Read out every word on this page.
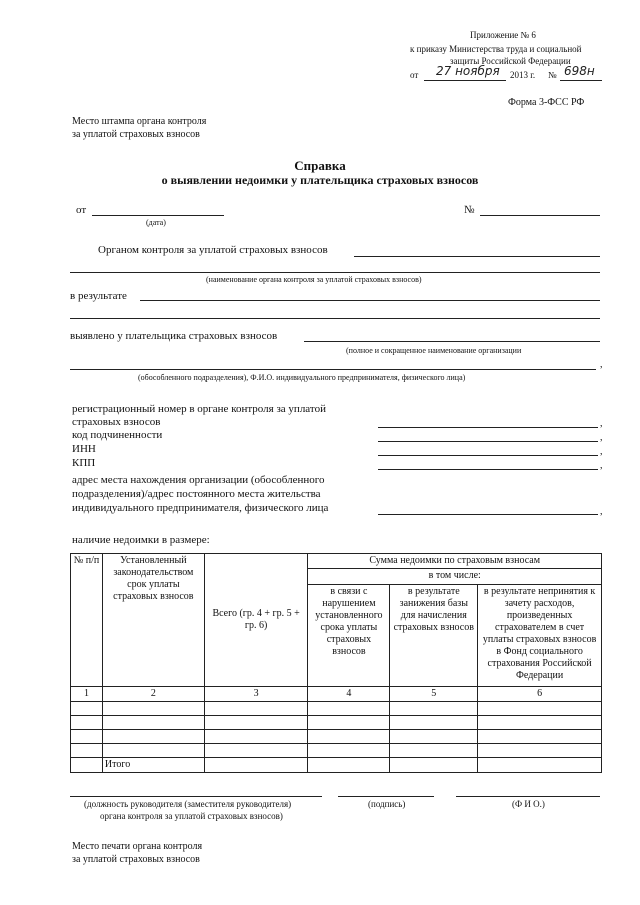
Приложение № 6
к приказу Министерства труда и социальной
защиты Российской Федерации
от 27 ноября 2013 г. № 698н
Форма 3-ФСС РФ
Место штампа органа контроля
за уплатой страховых взносов
Справка
о выявлении недоимки у плательщика страховых взносов
от
(дата)
№
Органом контроля за уплатой страховых взносов
(наименование органа контроля за уплатой страховых взносов)
в результате
выявлено у плательщика страховых взносов
(полное и сокращенное наименование организации
,
(обособленного подразделения), Ф.И.О. индивидуального предпринимателя, физического лица)
регистрационный номер в органе контроля за уплатой
страховых взносов	,
код подчиненности	,
ИНН	,
КПП	,
адрес места нахождения организации (обособленного
подразделения)/адрес постоянного места жительства
индивидуального предпринимателя, физического лица	,
наличие недоимки в размере:
№ п/п	Установленный законодательством срок уплаты страховых взносов	Всего (гр. 4 + гр. 5 + гр. 6)	Сумма недоимки по страховым взносам		
			в том числе:		
			в связи с нарушением установленного срока уплаты страховых взносов	в результате занижения базы для начисления страховых взносов	в результате непринятия к зачету расходов, произведенных страхователем в счет уплаты страховых взносов в Фонд социального страхования Российской Федерации
1	2	3	4	5	6

	Итого				
(должность руководителя (заместителя руководителя)
органа контроля за уплатой страховых взносов)
(подпись)	(Ф И О.)
Место печати органа контроля
за уплатой страховых взносов
